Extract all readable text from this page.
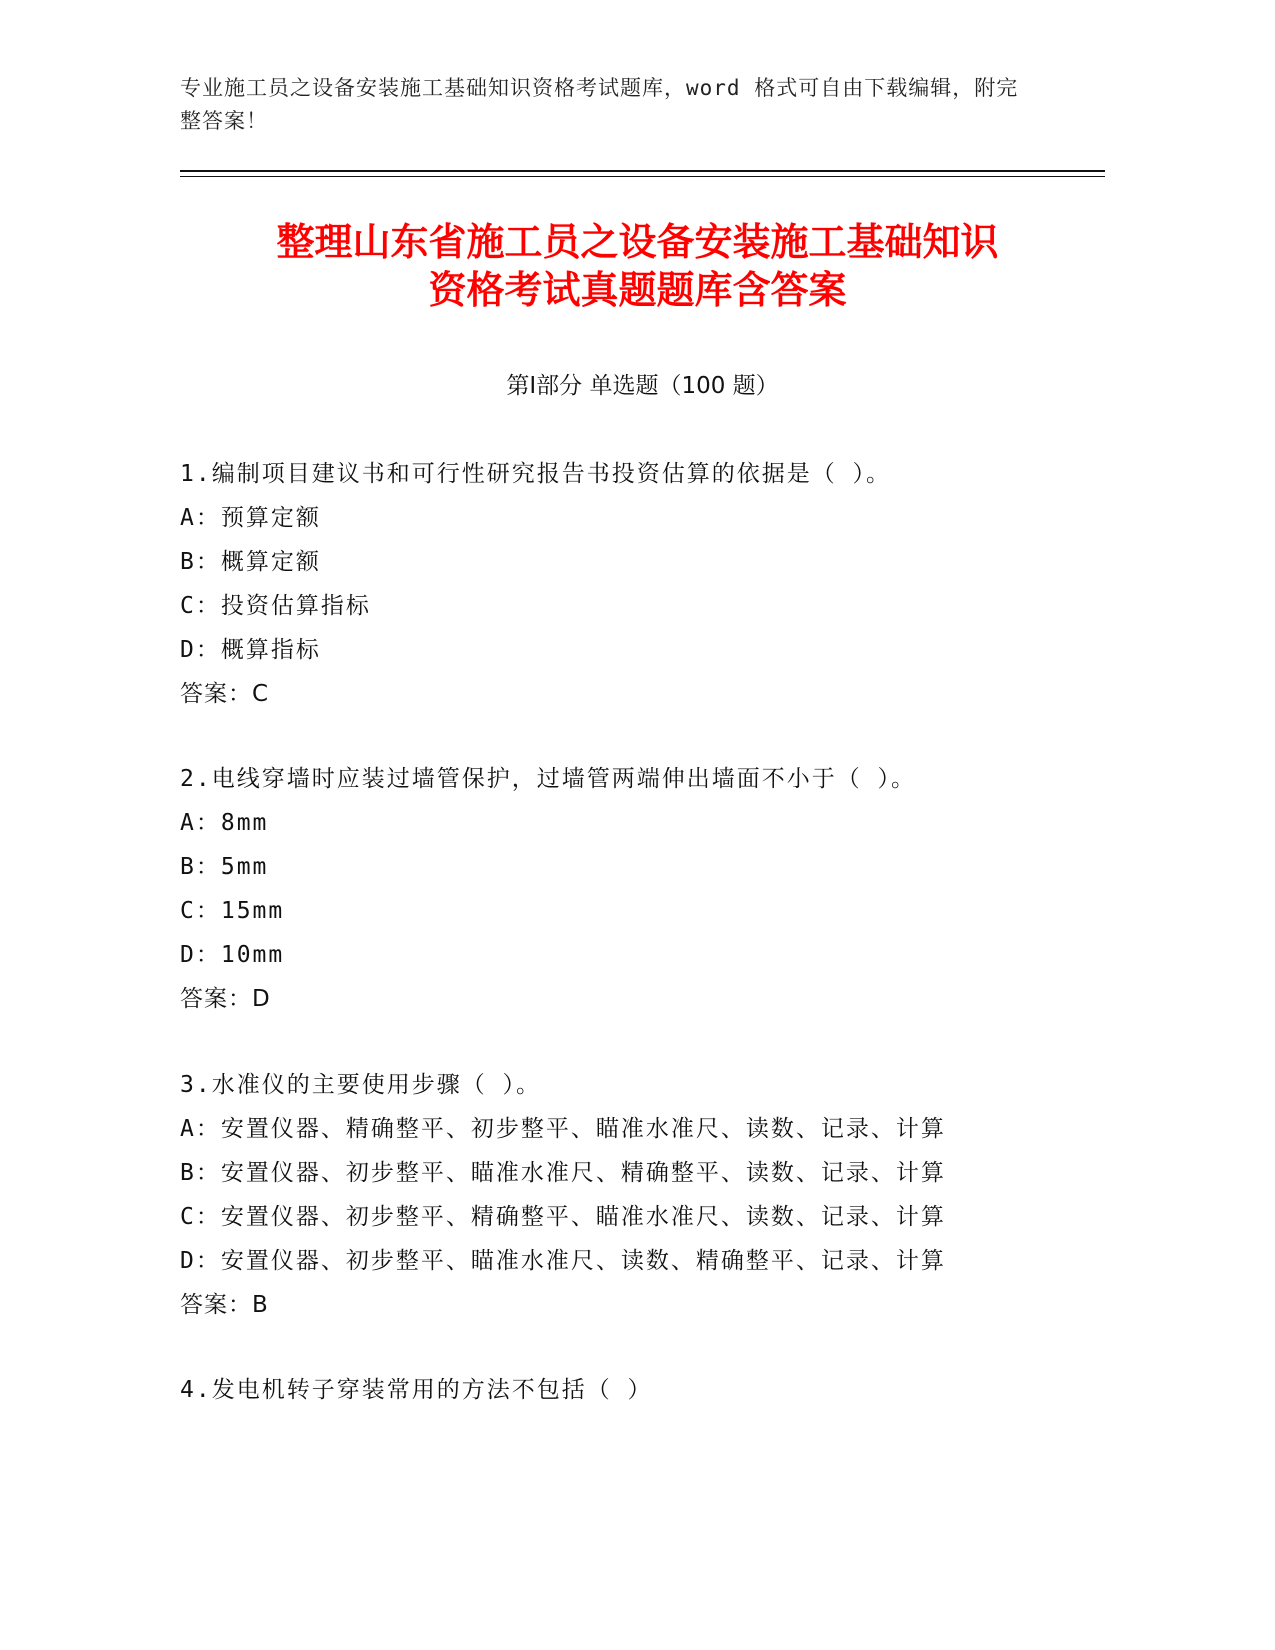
专业施工员之设备安装施工基础知识资格考试题库，word 格式可自由下载编辑，附完整答案！
整理山东省施工员之设备安装施工基础知识
资格考试真题题库含答案
第Ⅰ部分 单选题（100 题）
1.编制项目建议书和可行性研究报告书投资估算的依据是（ ）。
A：预算定额
B：概算定额
C：投资估算指标
D：概算指标
答案：C
2.电线穿墙时应装过墙管保护，过墙管两端伸出墙面不小于（ ）。
A：8mm
B：5mm
C：15mm
D：10mm
答案：D
3.水准仪的主要使用步骤（ ）。
A：安置仪器、精确整平、初步整平、瞄准水准尺、读数、记录、计算
B：安置仪器、初步整平、瞄准水准尺、精确整平、读数、记录、计算
C：安置仪器、初步整平、精确整平、瞄准水准尺、读数、记录、计算
D：安置仪器、初步整平、瞄准水准尺、读数、精确整平、记录、计算
答案：B
4.发电机转子穿装常用的方法不包括（ ）
